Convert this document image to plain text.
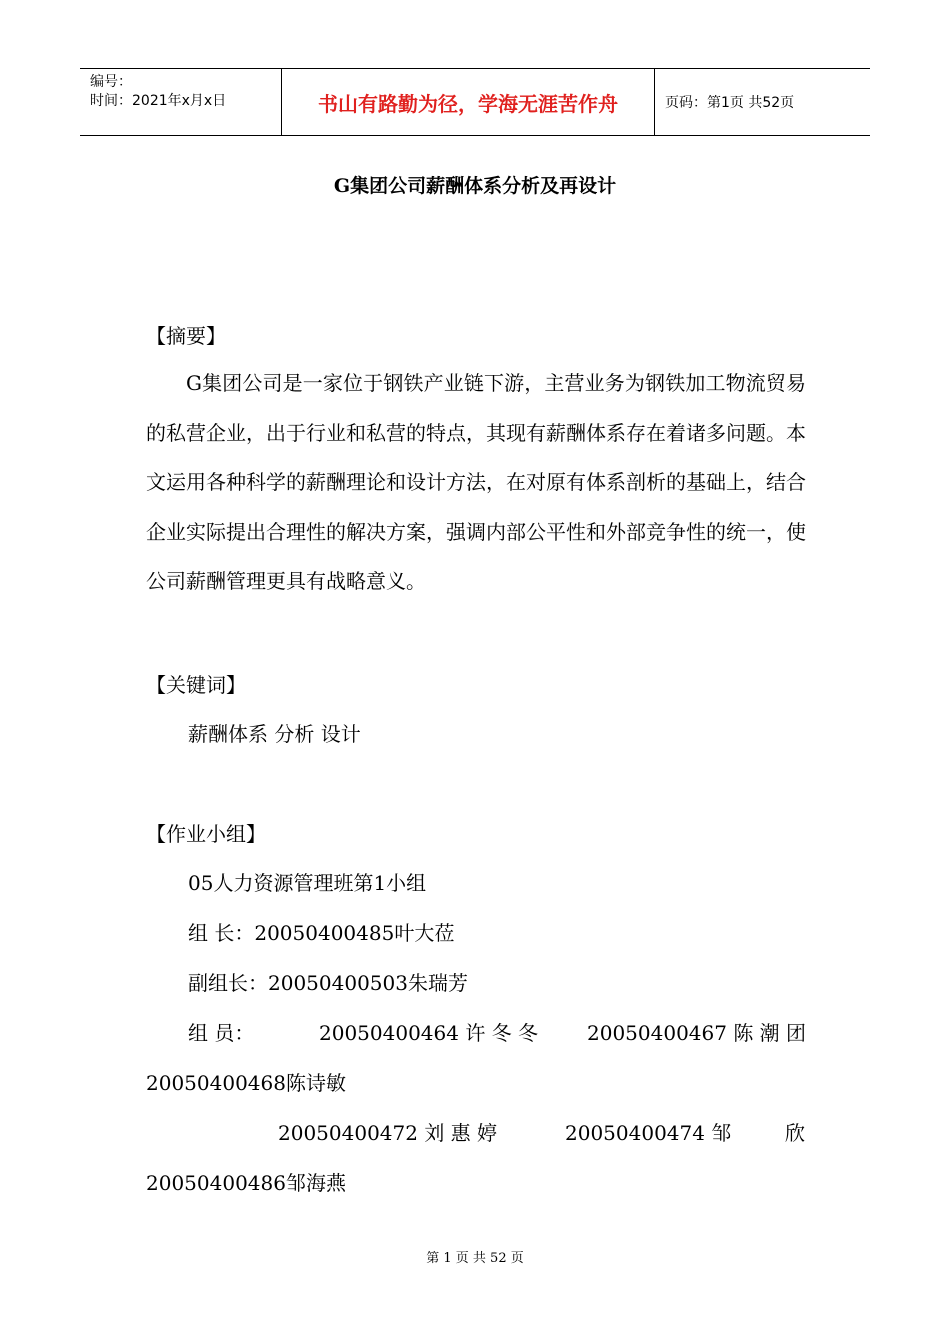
编号：
时间：2021年x月x日	书山有路勤为径，学海无涯苦作舟	页码：第1页 共52页
G集团公司薪酬体系分析及再设计
【摘要】
G集团公司是一家位于钢铁产业链下游，主营业务为钢铁加工物流贸易的私营企业，出于行业和私营的特点，其现有薪酬体系存在着诸多问题。本文运用各种科学的薪酬理论和设计方法，在对原有体系剖析的基础上，结合企业实际提出合理性的解决方案，强调内部公平性和外部竞争性的统一，使公司薪酬管理更具有战略意义。
【关键词】
薪酬体系 分析 设计
【作业小组】
05人力资源管理班第1小组
组 长：20050400485叶大莅
副组长：20050400503朱瑞芳
组 员：	20050400464 许 冬 冬 20050400467 陈 潮 团
20050400468陈诗敏
20050400472 刘 惠 婷	20050400474 邹	欣
20050400486邹海燕
第 1 页 共 52 页
